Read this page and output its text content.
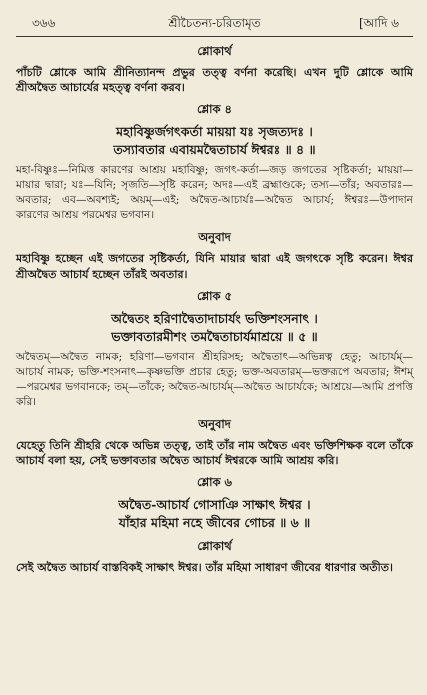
৩৬৬	শ্রীচৈতন্য-চরিতামৃত	[আদি ৬
শ্লোকার্থ
পাঁচটি শ্লোকে আমি শ্রীনিত্যানন্দ প্রভুর তত্ত্ব বর্ণনা করেছি। এখন দুটি শ্লোকে আমি শ্রীঅদ্বৈত আচার্যের মহত্ত্ব বর্ণনা করব।
শ্লোক ৪
মহাবিষ্ণুর্জগৎকর্তা মায়য়া যঃ সৃজত্যদঃ ।
তস্যাবতার এবায়মদ্বৈতাচার্য ঈশ্বরঃ ॥ ৪ ॥
মহা-বিষ্ণুঃ—নিমিত্ত কারণের আশ্রয় মহাবিষ্ণু; জগৎ-কর্তা—জড় জগতের সৃষ্টিকর্তা; মায়য়া—মায়ার দ্বারা; যঃ—যিনি; সৃজতি—সৃষ্টি করেন; অদঃ—এই ব্রহ্মাণ্ডকে; তস্য—তাঁর; অবতারঃ—অবতার; এব—অবশ্যই; অয়ম্—এই; অদ্বৈত-আচার্যঃ—অদ্বৈত আচার্য; ঈশ্বরঃ—উপাদান কারণের আশ্রয় পরমেশ্বর ভগবান।
অনুবাদ
মহাবিষ্ণু হচ্ছেন এই জগতের সৃষ্টিকর্তা, যিনি মায়ার দ্বারা এই জগৎকে সৃষ্টি করেন। ঈশ্বর শ্রীঅদ্বৈত আচার্য হচ্ছেন তাঁরই অবতার।
শ্লোক ৫
অদ্বৈতং হরিণাদ্বৈতাদাচার্যং ভক্তিশংসনাৎ ।
ভক্তাবতারমীশং তমদ্বৈতাচার্যমাশ্রয়ে ॥ ৫ ॥
অদ্বৈতম্—অদ্বৈত নামক; হরিণা—ভগবান শ্রীহরিসহ; অদ্বৈতাৎ—অভিন্নত্ব হেতু; আচার্যম্—আচার্য নামক; ভক্তি-শংসনাৎ—কৃষ্ণভক্তি প্রচার হেতু; ভক্ত-অবতারম্—ভক্তরূপে অবতার; ঈশম্—পরমেশ্বর ভগবানকে; তম্—তাঁকে; অদ্বৈত-আচার্যম্—অদ্বৈত আচার্যকে; আশ্রয়ে—আমি প্রপত্তি করি।
অনুবাদ
যেহেতু তিনি শ্রীহরি থেকে অভিন্ন তত্ত্ব, তাই তাঁর নাম অদ্বৈত এবং ভক্তিশিক্ষক বলে তাঁকে আচার্য বলা হয়, সেই ভক্তাবতার অদ্বৈত আচার্য ঈশ্বরকে আমি আশ্রয় করি।
শ্লোক ৬
অদ্বৈত-আচার্য গোসাঞি সাক্ষাৎ ঈশ্বর ।
যাঁহার মহিমা নহে জীবের গোচর ॥ ৬ ॥
শ্লোকার্থ
সেই অদ্বৈত আচার্য বাস্তবিকই সাক্ষাৎ ঈশ্বর। তাঁর মহিমা সাধারণ জীবের ধারণার অতীত।
